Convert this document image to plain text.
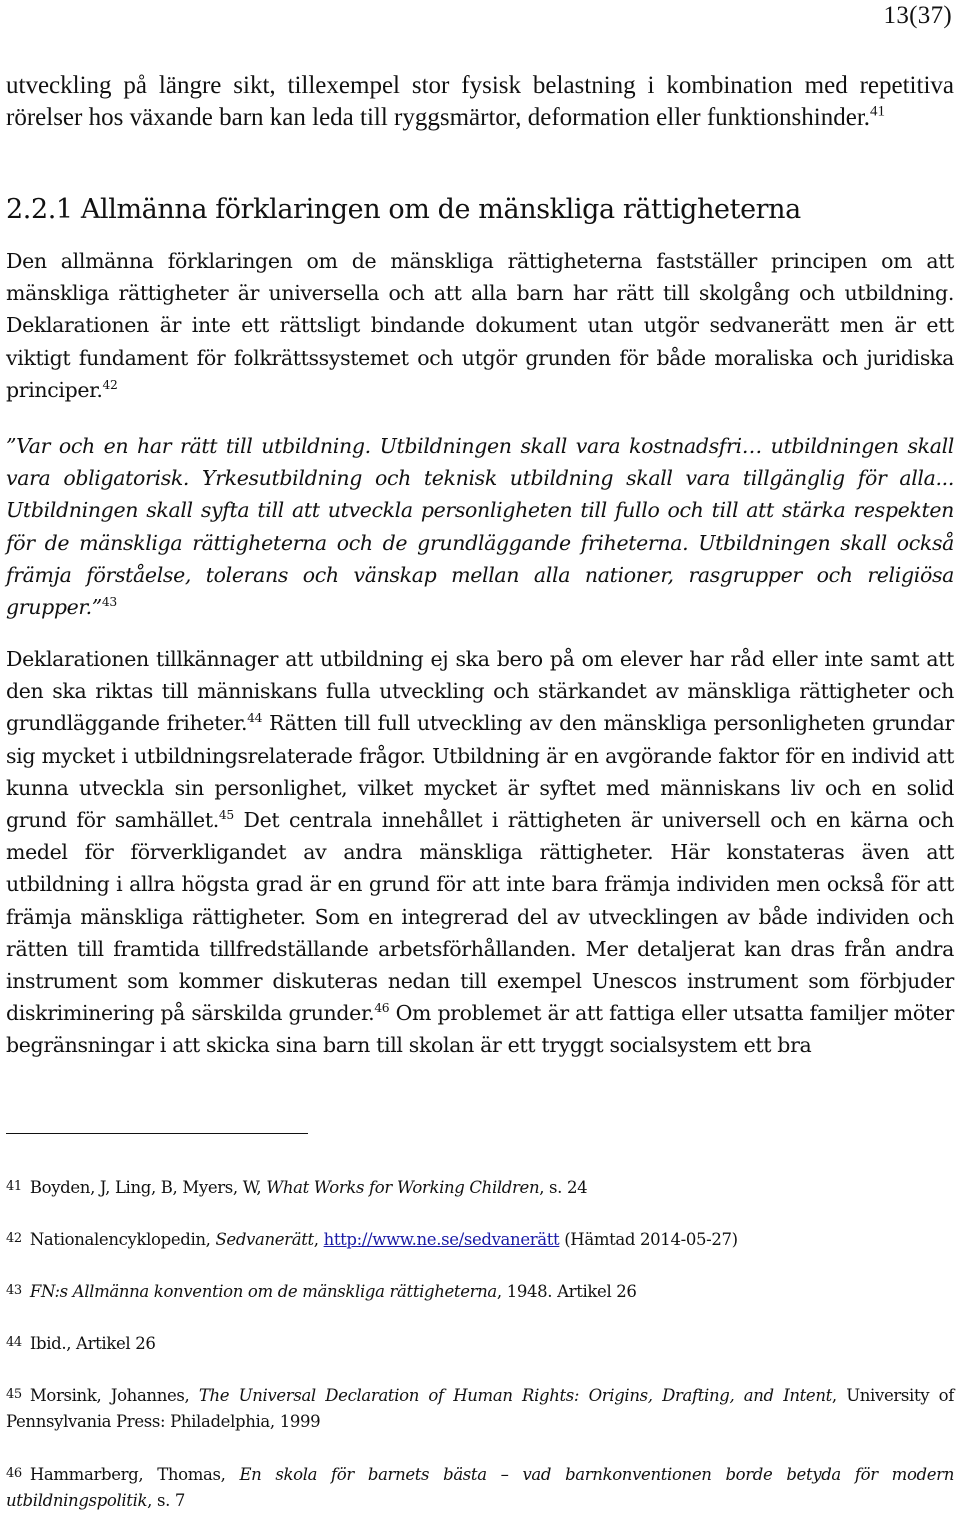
13(37)

utveckling på längre sikt, tillexempel stor fysisk belastning i kombination med repetitiva rörelser hos växande barn kan leda till ryggsmärtor, deformation eller funktionshinder.$^{41}$

2.2.1 Allmänna förklaringen om de mänskliga rättigheterna

Den allmänna förklaringen om de mänskliga rättigheterna fastställer principen om att mänskliga rättigheter är universella och att alla barn har rätt till skolgång och utbildning. Deklarationen är inte ett rättsligt bindande dokument utan utgör sedvanerätt men är ett viktigt fundament för folkrättssystemet och utgör grunden för både moraliska och juridiska principer.$^{42}$

”Var och en har rätt till utbildning. Utbildningen skall vara kostnadsfri… utbildningen skall vara obligatorisk. Yrkesutbildning och teknisk utbildning skall vara tillgänglig för alla... Utbildningen skall syfta till att utveckla personligheten till fullo och till att stärka respekten för de mänskliga rättigheterna och de grundläggande friheterna. Utbildningen skall också främja förståelse, tolerans och vänskap mellan alla nationer, rasgrupper och religiösa grupper.”$^{43}$

Deklarationen tillkännager att utbildning ej ska bero på om elever har råd eller inte samt att den ska riktas till människans fulla utveckling och stärkandet av mänskliga rättigheter och grundläggande friheter.$^{44}$ Rätten till full utveckling av den mänskliga personligheten grundar sig mycket i utbildningsrelaterade frågor. Utbildning är en avgörande faktor för en individ att kunna utveckla sin personlighet, vilket mycket är syftet med människans liv och en solid grund för samhället.$^{45}$ Det centrala innehållet i rättigheten är universell och en kärna och medel för förverkligandet av andra mänskliga rättigheter. Här konstateras även att utbildning i allra högsta grad är en grund för att inte bara främja individen men också för att främja mänskliga rättigheter. Som en integrerad del av utvecklingen av både individen och rätten till framtida tillfredställande arbetsförhållanden. Mer detaljerat kan dras från andra instrument som kommer diskuteras nedan till exempel Unescos instrument som förbjuder diskriminering på särskilda grunder.$^{46}$ Om problemet är att fattiga eller utsatta familjer möter begränsningar i att skicka sina barn till skolan är ett tryggt socialsystem ett bra

41 Boyden, J, Ling, B, Myers, W, What Works for Working Children, s. 24
42 Nationalencyklopedin, Sedvanerätt, http://www.ne.se/sedvanerätt (Hämtad 2014-05-27)
43 FN:s Allmänna konvention om de mänskliga rättigheterna, 1948. Artikel 26
44 Ibid., Artikel 26
45 Morsink, Johannes, The Universal Declaration of Human Rights: Origins, Drafting, and Intent, University of Pennsylvania Press: Philadelphia, 1999
46 Hammarberg, Thomas, En skola för barnets bästa – vad barnkonventionen borde betyda för modern utbildningspolitik, s. 7
